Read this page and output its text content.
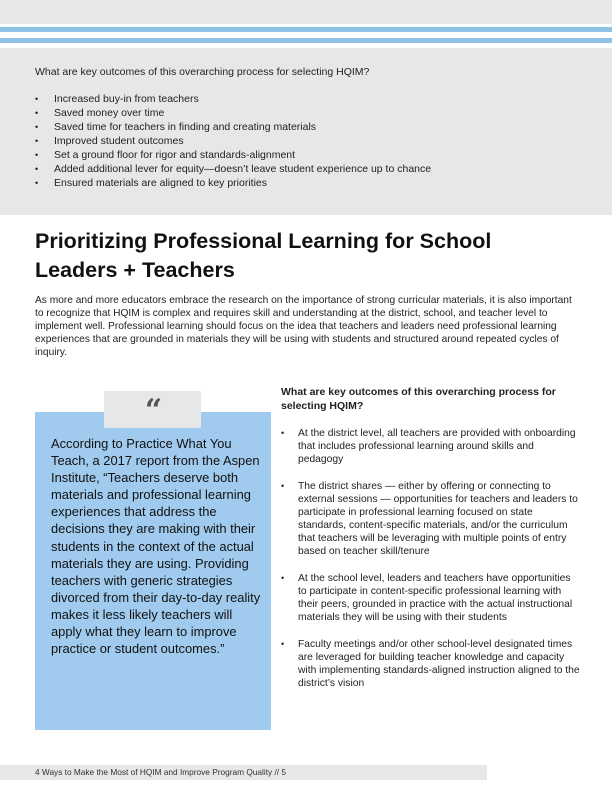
What are key outcomes of this overarching process for selecting HQIM?

• Increased buy-in from teachers
• Saved money over time
• Saved time for teachers in finding and creating materials
• Improved student outcomes
• Set a ground floor for rigor and standards-alignment
• Added additional lever for equity—doesn’t leave student experience up to chance
• Ensured materials are aligned to key priorities
Prioritizing Professional Learning for School Leaders + Teachers

As more and more educators embrace the research on the importance of strong curricular materials, it is also important to recognize that HQIM is complex and requires skill and understanding at the district, school, and teacher level to implement well. Professional learning should focus on the idea that teachers and leaders need professional learning experiences that are grounded in materials they will be using with students and structured around repeated cycles of inquiry.

“

According to Practice What You Teach, a 2017 report from the Aspen Institute, “Teachers deserve both materials and professional learning experiences that address the decisions they are making with their students in the context of the actual materials they are using. Providing teachers with generic strategies divorced from their day-to-day reality makes it less likely teachers will apply what they learn to improve practice or student outcomes.”

What are key outcomes of this overarching process for selecting HQIM?

• At the district level, all teachers are provided with onboarding that includes professional learning around skills and pedagogy
• The district shares — either by offering or connecting to external sessions — opportunities for teachers and leaders to participate in professional learning focused on state standards, content-specific materials, and/or the curriculum that teachers will be leveraging with multiple points of entry based on teacher skill/tenure
• At the school level, leaders and teachers have opportunities to participate in content-specific professional learning with their peers, grounded in practice with the actual instructional materials they will be using with their students
• Faculty meetings and/or other school-level designated times are leveraged for building teacher knowledge and capacity with implementing standards-aligned instruction aligned to the district’s vision

4 Ways to Make the Most of HQIM and Improve Program Quality // 5
